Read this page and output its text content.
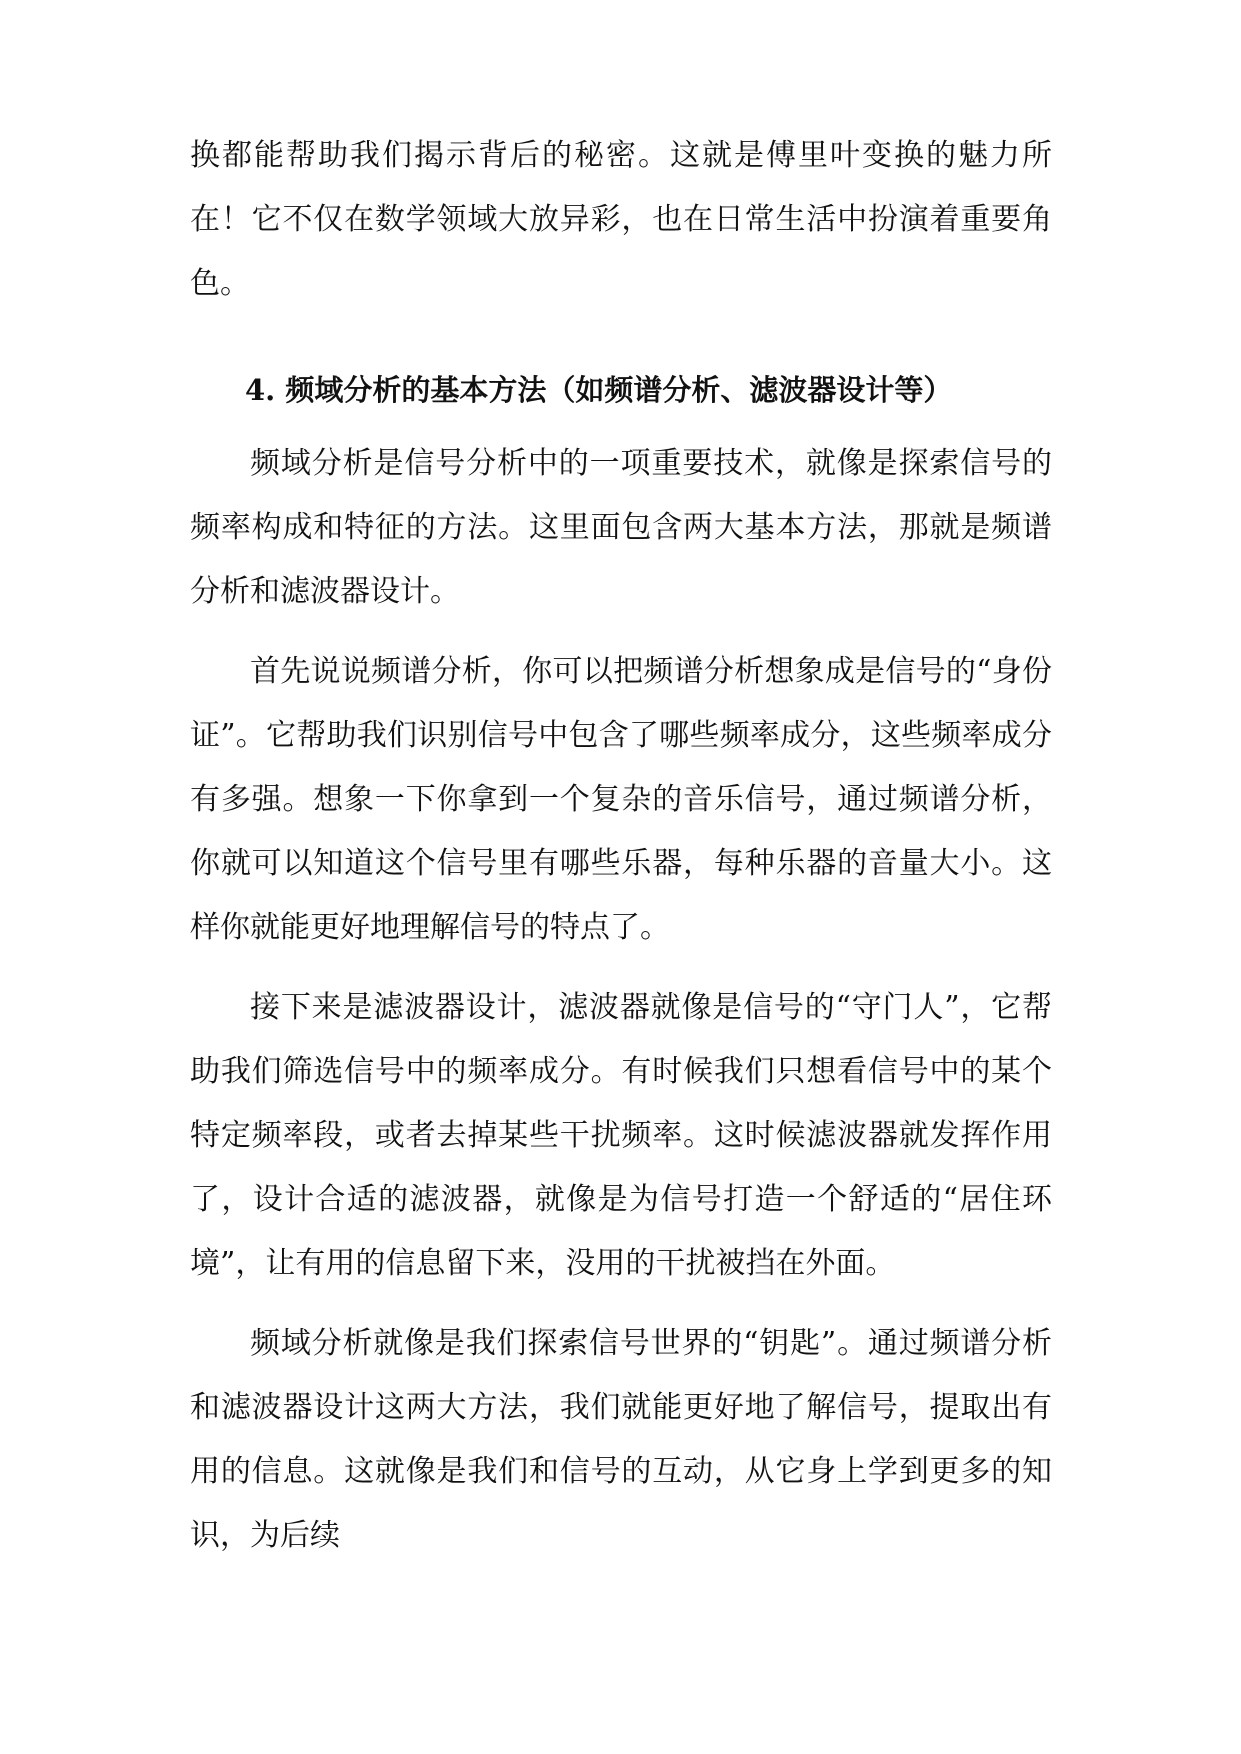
换都能帮助我们揭示背后的秘密。这就是傅里叶变换的魅力所在！它不仅在数学领域大放异彩，也在日常生活中扮演着重要角色。

4. 频域分析的基本方法（如频谱分析、滤波器设计等）

频域分析是信号分析中的一项重要技术，就像是探索信号的频率构成和特征的方法。这里面包含两大基本方法，那就是频谱分析和滤波器设计。

首先说说频谱分析，你可以把频谱分析想象成是信号的“身份证”。它帮助我们识别信号中包含了哪些频率成分，这些频率成分有多强。想象一下你拿到一个复杂的音乐信号，通过频谱分析，你就可以知道这个信号里有哪些乐器，每种乐器的音量大小。这样你就能更好地理解信号的特点了。

接下来是滤波器设计，滤波器就像是信号的“守门人”，它帮助我们筛选信号中的频率成分。有时候我们只想看信号中的某个特定频率段，或者去掉某些干扰频率。这时候滤波器就发挥作用了，设计合适的滤波器，就像是为信号打造一个舒适的“居住环境”，让有用的信息留下来，没用的干扰被挡在外面。

频域分析就像是我们探索信号世界的“钥匙”。通过频谱分析和滤波器设计这两大方法，我们就能更好地了解信号，提取出有用的信息。这就像是我们和信号的互动，从它身上学到更多的知识，为后续
